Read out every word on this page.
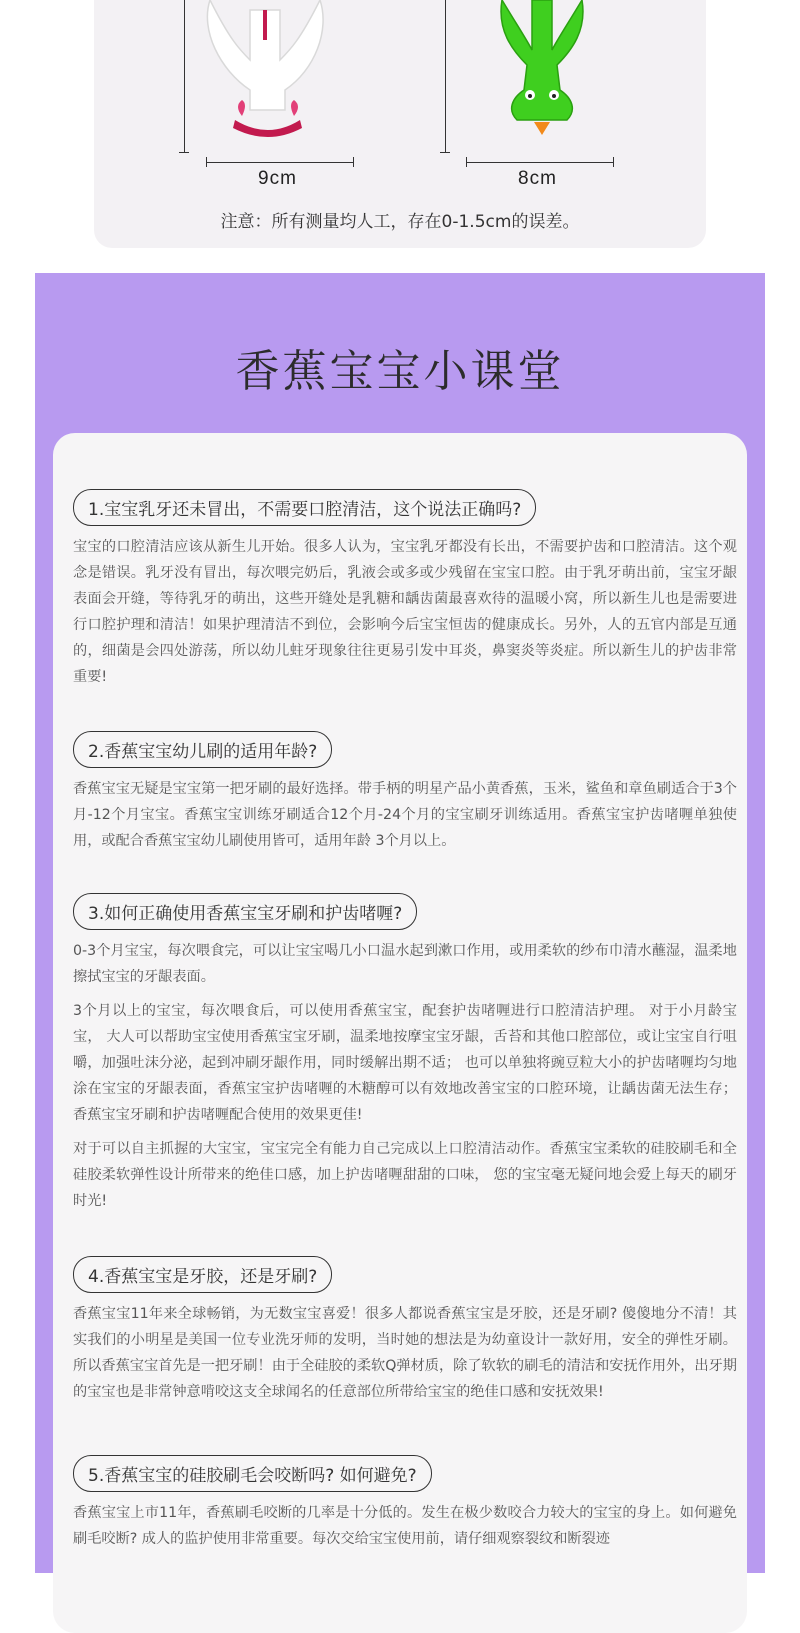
9cm	8cm
注意：所有测量均人工，存在0-1.5cm的误差。
香蕉宝宝小课堂
1.宝宝乳牙还未冒出，不需要口腔清洁，这个说法正确吗?

宝宝的口腔清洁应该从新生儿开始。很多人认为，宝宝乳牙都没有长出，不需要护齿和口腔清洁。这个观念是错误。乳牙没有冒出，每次喂完奶后，乳液会或多或少残留在宝宝口腔。由于乳牙萌出前，宝宝牙龈表面会开缝，等待乳牙的萌出，这些开缝处是乳糖和龋齿菌最喜欢待的温暖小窝，所以新生儿也是需要进行口腔护理和清洁！如果护理清洁不到位，会影响今后宝宝恒齿的健康成长。另外，人的五官内部是互通的，细菌是会四处游荡，所以幼儿蛀牙现象往往更易引发中耳炎，鼻窦炎等炎症。所以新生儿的护齿非常重要!

2.香蕉宝宝幼儿刷的适用年龄?

香蕉宝宝无疑是宝宝第一把牙刷的最好选择。带手柄的明星产品小黄香蕉，玉米，鲨鱼和章鱼刷适合于3个月-12个月宝宝。香蕉宝宝训练牙刷适合12个月-24个月的宝宝刷牙训练适用。香蕉宝宝护齿啫喱单独使用，或配合香蕉宝宝幼儿刷使用皆可，适用年龄 3个月以上。

3.如何正确使用香蕉宝宝牙刷和护齿啫喱?

0-3个月宝宝，每次喂食完，可以让宝宝喝几小口温水起到漱口作用，或用柔软的纱布巾清水蘸湿，温柔地擦拭宝宝的牙龈表面。

3个月以上的宝宝，每次喂食后，可以使用香蕉宝宝，配套护齿啫喱进行口腔清洁护理。 对于小月龄宝宝， 大人可以帮助宝宝使用香蕉宝宝牙刷，温柔地按摩宝宝牙龈，舌苔和其他口腔部位，或让宝宝自行咀嚼，加强吐沫分泌，起到冲刷牙龈作用，同时缓解出期不适； 也可以单独将豌豆粒大小的护齿啫喱均匀地涂在宝宝的牙龈表面，香蕉宝宝护齿啫喱的木糖醇可以有效地改善宝宝的口腔环境，让龋齿菌无法生存； 香蕉宝宝牙刷和护齿啫喱配合使用的效果更佳!

对于可以自主抓握的大宝宝，宝宝完全有能力自己完成以上口腔清洁动作。香蕉宝宝柔软的硅胶刷毛和全硅胶柔软弹性设计所带来的绝佳口感，加上护齿啫喱甜甜的口味， 您的宝宝毫无疑问地会爱上每天的刷牙时光!

4.香蕉宝宝是牙胶，还是牙刷?

香蕉宝宝11年来全球畅销，为无数宝宝喜爱！很多人都说香蕉宝宝是牙胶，还是牙刷? 傻傻地分不清！其实我们的小明星是美国一位专业洗牙师的发明，当时她的想法是为幼童设计一款好用，安全的弹性牙刷。所以香蕉宝宝首先是一把牙刷！由于全硅胶的柔软Q弹材质，除了软软的刷毛的清洁和安抚作用外，出牙期的宝宝也是非常钟意啃咬这支全球闻名的任意部位所带给宝宝的绝佳口感和安抚效果!

5.香蕉宝宝的硅胶刷毛会咬断吗? 如何避免?

香蕉宝宝上市11年，香蕉刷毛咬断的几率是十分低的。发生在极少数咬合力较大的宝宝的身上。如何避免刷毛咬断? 成人的监护使用非常重要。每次交给宝宝使用前，请仔细观察裂纹和断裂迹
